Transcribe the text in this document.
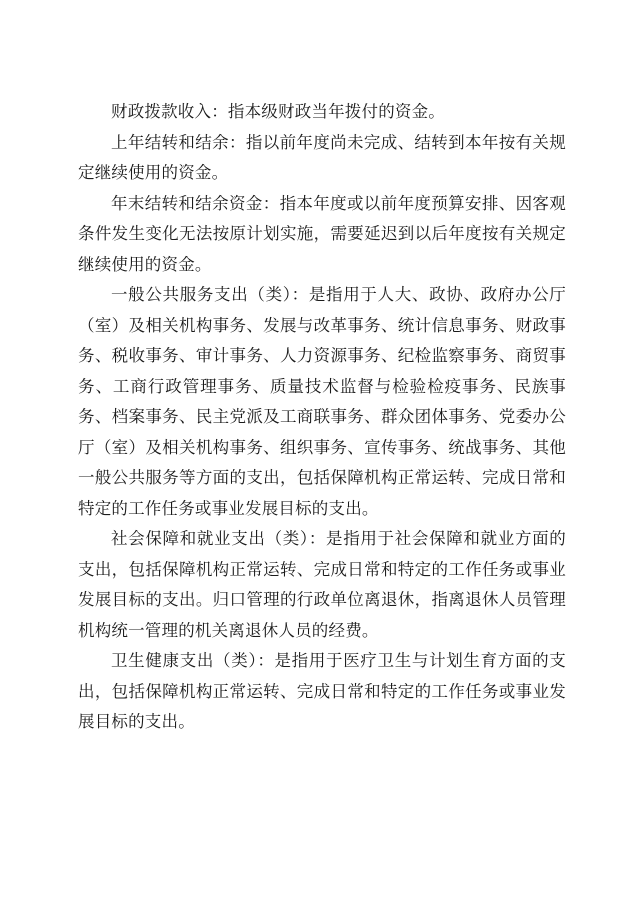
财政拨款收入：指本级财政当年拨付的资金。

上年结转和结余：指以前年度尚未完成、结转到本年按有关规定继续使用的资金。

年末结转和结余资金：指本年度或以前年度预算安排、因客观条件发生变化无法按原计划实施，需要延迟到以后年度按有关规定继续使用的资金。

一般公共服务支出（类）：是指用于人大、政协、政府办公厅（室）及相关机构事务、发展与改革事务、统计信息事务、财政事务、税收事务、审计事务、人力资源事务、纪检监察事务、商贸事务、工商行政管理事务、质量技术监督与检验检疫事务、民族事务、档案事务、民主党派及工商联事务、群众团体事务、党委办公厅（室）及相关机构事务、组织事务、宣传事务、统战事务、其他一般公共服务等方面的支出，包括保障机构正常运转、完成日常和特定的工作任务或事业发展目标的支出。

社会保障和就业支出（类）：是指用于社会保障和就业方面的支出，包括保障机构正常运转、完成日常和特定的工作任务或事业发展目标的支出。归口管理的行政单位离退休，指离退休人员管理机构统一管理的机关离退休人员的经费。

卫生健康支出（类）：是指用于医疗卫生与计划生育方面的支出，包括保障机构正常运转、完成日常和特定的工作任务或事业发展目标的支出。
